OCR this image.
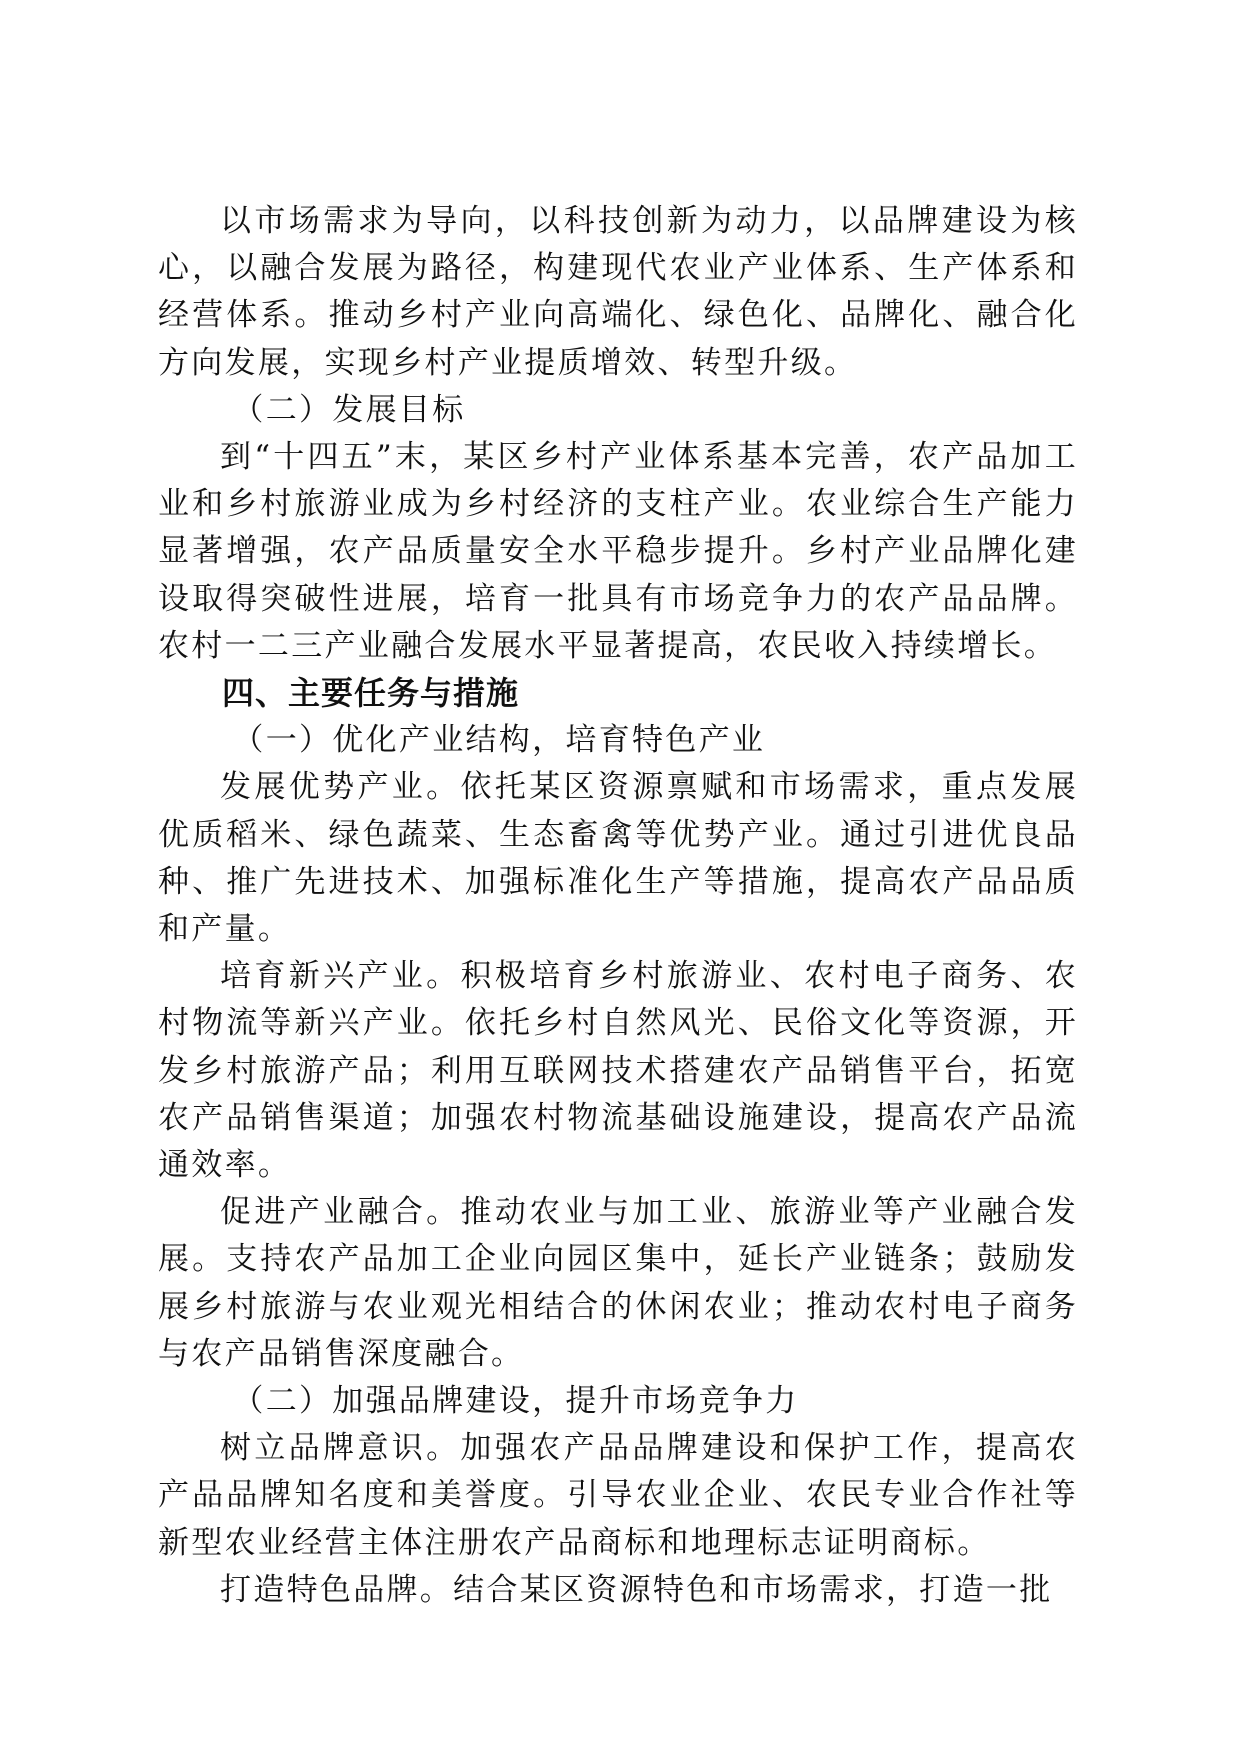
以市场需求为导向，以科技创新为动力，以品牌建设为核心，以融合发展为路径，构建现代农业产业体系、生产体系和经营体系。推动乡村产业向高端化、绿色化、品牌化、融合化方向发展，实现乡村产业提质增效、转型升级。

（二）发展目标

到“十四五”末，某区乡村产业体系基本完善，农产品加工业和乡村旅游业成为乡村经济的支柱产业。农业综合生产能力显著增强，农产品质量安全水平稳步提升。乡村产业品牌化建设取得突破性进展，培育一批具有市场竞争力的农产品品牌。农村一二三产业融合发展水平显著提高，农民收入持续增长。

四、主要任务与措施

（一）优化产业结构，培育特色产业

发展优势产业。依托某区资源禀赋和市场需求，重点发展优质稻米、绿色蔬菜、生态畜禽等优势产业。通过引进优良品种、推广先进技术、加强标准化生产等措施，提高农产品品质和产量。

培育新兴产业。积极培育乡村旅游业、农村电子商务、农村物流等新兴产业。依托乡村自然风光、民俗文化等资源，开发乡村旅游产品；利用互联网技术搭建农产品销售平台，拓宽农产品销售渠道；加强农村物流基础设施建设，提高农产品流通效率。

促进产业融合。推动农业与加工业、旅游业等产业融合发展。支持农产品加工企业向园区集中，延长产业链条；鼓励发展乡村旅游与农业观光相结合的休闲农业；推动农村电子商务与农产品销售深度融合。

（二）加强品牌建设，提升市场竞争力

树立品牌意识。加强农产品品牌建设和保护工作，提高农产品品牌知名度和美誉度。引导农业企业、农民专业合作社等新型农业经营主体注册农产品商标和地理标志证明商标。

打造特色品牌。结合某区资源特色和市场需求，打造一批
